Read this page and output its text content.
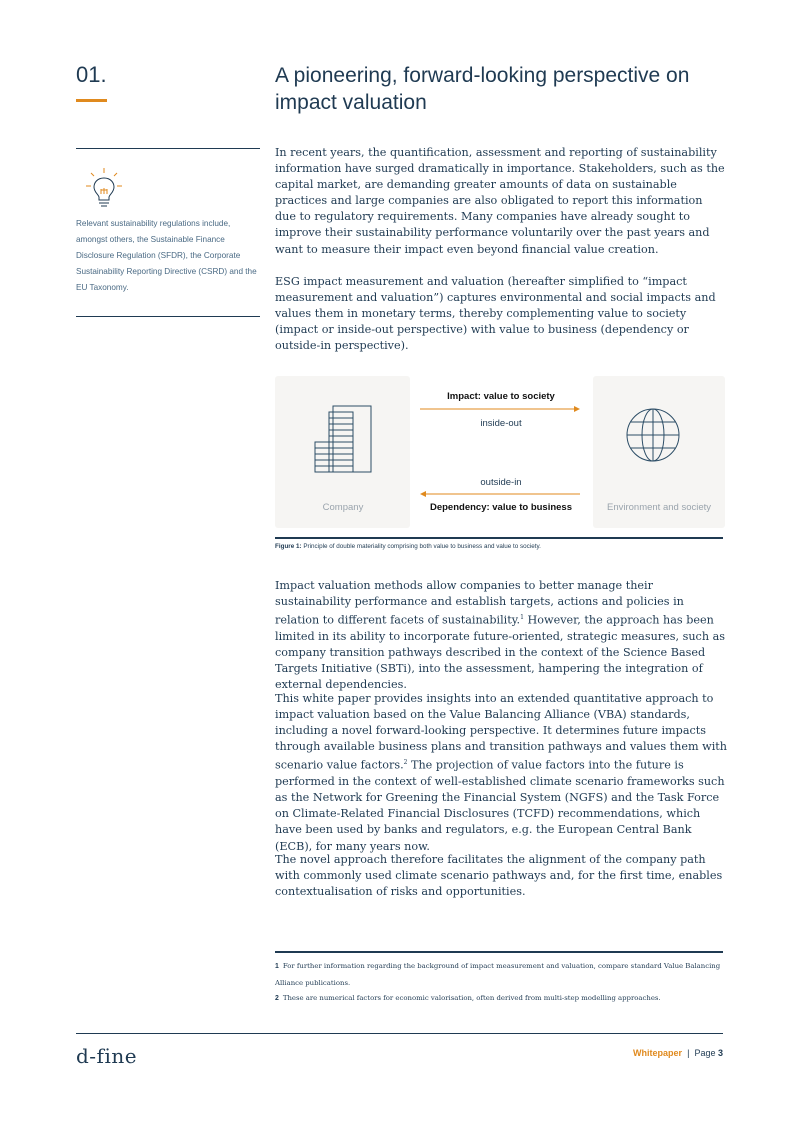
01.	A pioneering, forward-looking perspective on impact valuation
Relevant sustainability regulations include, amongst others, the Sustainable Finance Disclosure Regulation (SFDR), the Corporate Sustainability Reporting Directive (CSRD) and the EU Taxonomy.
In recent years, the quantification, assessment and reporting of sustainability information have surged dramatically in importance. Stakeholders, such as the capital market, are demanding greater amounts of data on sustainable practices and large companies are also obligated to report this information due to regulatory requirements. Many companies have already sought to improve their sustainability performance voluntarily over the past years and want to measure their impact even beyond financial value creation.
ESG impact measurement and valuation (hereafter simplified to “impact measurement and valuation”) captures environmental and social impacts and values them in monetary terms, thereby complementing value to society (impact or inside-out perspective) with value to business (dependency or outside-in perspective).
Impact: value to society
inside-out
outside-in
Dependency: value to business
Company	Environment and society
Figure 1: Principle of double materiality comprising both value to business and value to society.
Impact valuation methods allow companies to better manage their sustainability performance and establish targets, actions and policies in relation to different facets of sustainability.$^1$ However, the approach has been limited in its ability to incorporate future-oriented, strategic measures, such as company transition pathways described in the context of the Science Based Targets Initiative (SBTi), into the assessment, hampering the integration of external dependencies.
This white paper provides insights into an extended quantitative approach to impact valuation based on the Value Balancing Alliance (VBA) standards, including a novel forward-looking perspective. It determines future impacts through available business plans and transition pathways and values them with scenario value factors.$^2$ The projection of value factors into the future is performed in the context of well-established climate scenario frameworks such as the Network for Greening the Financial System (NGFS) and the Task Force on Climate-Related Financial Disclosures (TCFD) recommendations, which have been used by banks and regulators, e.g. the European Central Bank (ECB), for many years now.
The novel approach therefore facilitates the alignment of the company path with commonly used climate scenario pathways and, for the first time, enables contextualisation of risks and opportunities.
1 For further information regarding the background of impact measurement and valuation, compare standard Value Balancing Alliance publications.
2 These are numerical factors for economic valorisation, often derived from multi-step modelling approaches.
d-fine	Whitepaper | Page 3
